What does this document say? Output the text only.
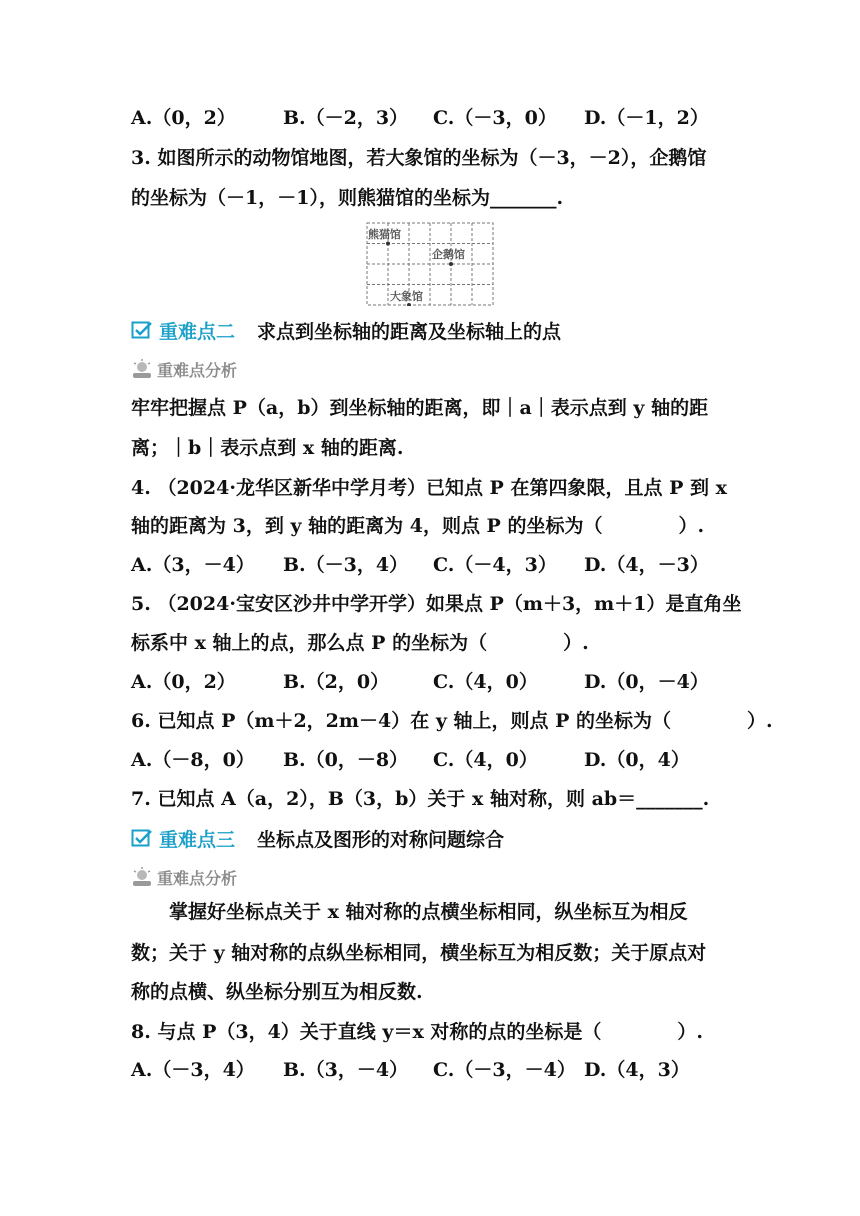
A.（0，2） B.（－2，3） C.（－3，0） D.（－1，2）
3. 如图所示的动物馆地图，若大象馆的坐标为（－3，－2），企鹅馆
的坐标为（－1，－1），则熊猫馆的坐标为_______.
熊猫馆
企鹅馆
大象馆
重难点二 求点到坐标轴的距离及坐标轴上的点
重难点分析
牢牢把握点 P（a，b）到坐标轴的距离，即｜a｜表示点到 y 轴的距
离；｜b｜表示点到 x 轴的距离.
4. （2024·龙华区新华中学月考）已知点 P 在第四象限，且点 P 到 x
轴的距离为 3，到 y 轴的距离为 4，则点 P 的坐标为（　　　　）.
A.（3，－4） B.（－3，4） C.（－4，3） D.（4，－3）
5. （2024·宝安区沙井中学开学）如果点 P（m＋3，m＋1）是直角坐
标系中 x 轴上的点，那么点 P 的坐标为（　　　　）.
A.（0，2） B.（2，0） C.（4，0） D.（0，－4）
6. 已知点 P（m＋2，2m－4）在 y 轴上，则点 P 的坐标为（　　　　）.
A.（－8，0） B.（0，－8） C.（4，0） D.（0，4）
7. 已知点 A（a，2），B（3，b）关于 x 轴对称，则 ab＝_______.
重难点三 坐标点及图形的对称问题综合
重难点分析
　　掌握好坐标点关于 x 轴对称的点横坐标相同，纵坐标互为相反
数；关于 y 轴对称的点纵坐标相同，横坐标互为相反数；关于原点对
称的点横、纵坐标分别互为相反数.
8. 与点 P（3，4）关于直线 y＝x 对称的点的坐标是（　　　　）.
A.（－3，4） B.（3，－4） C.（－3，－4） D.（4，3）
